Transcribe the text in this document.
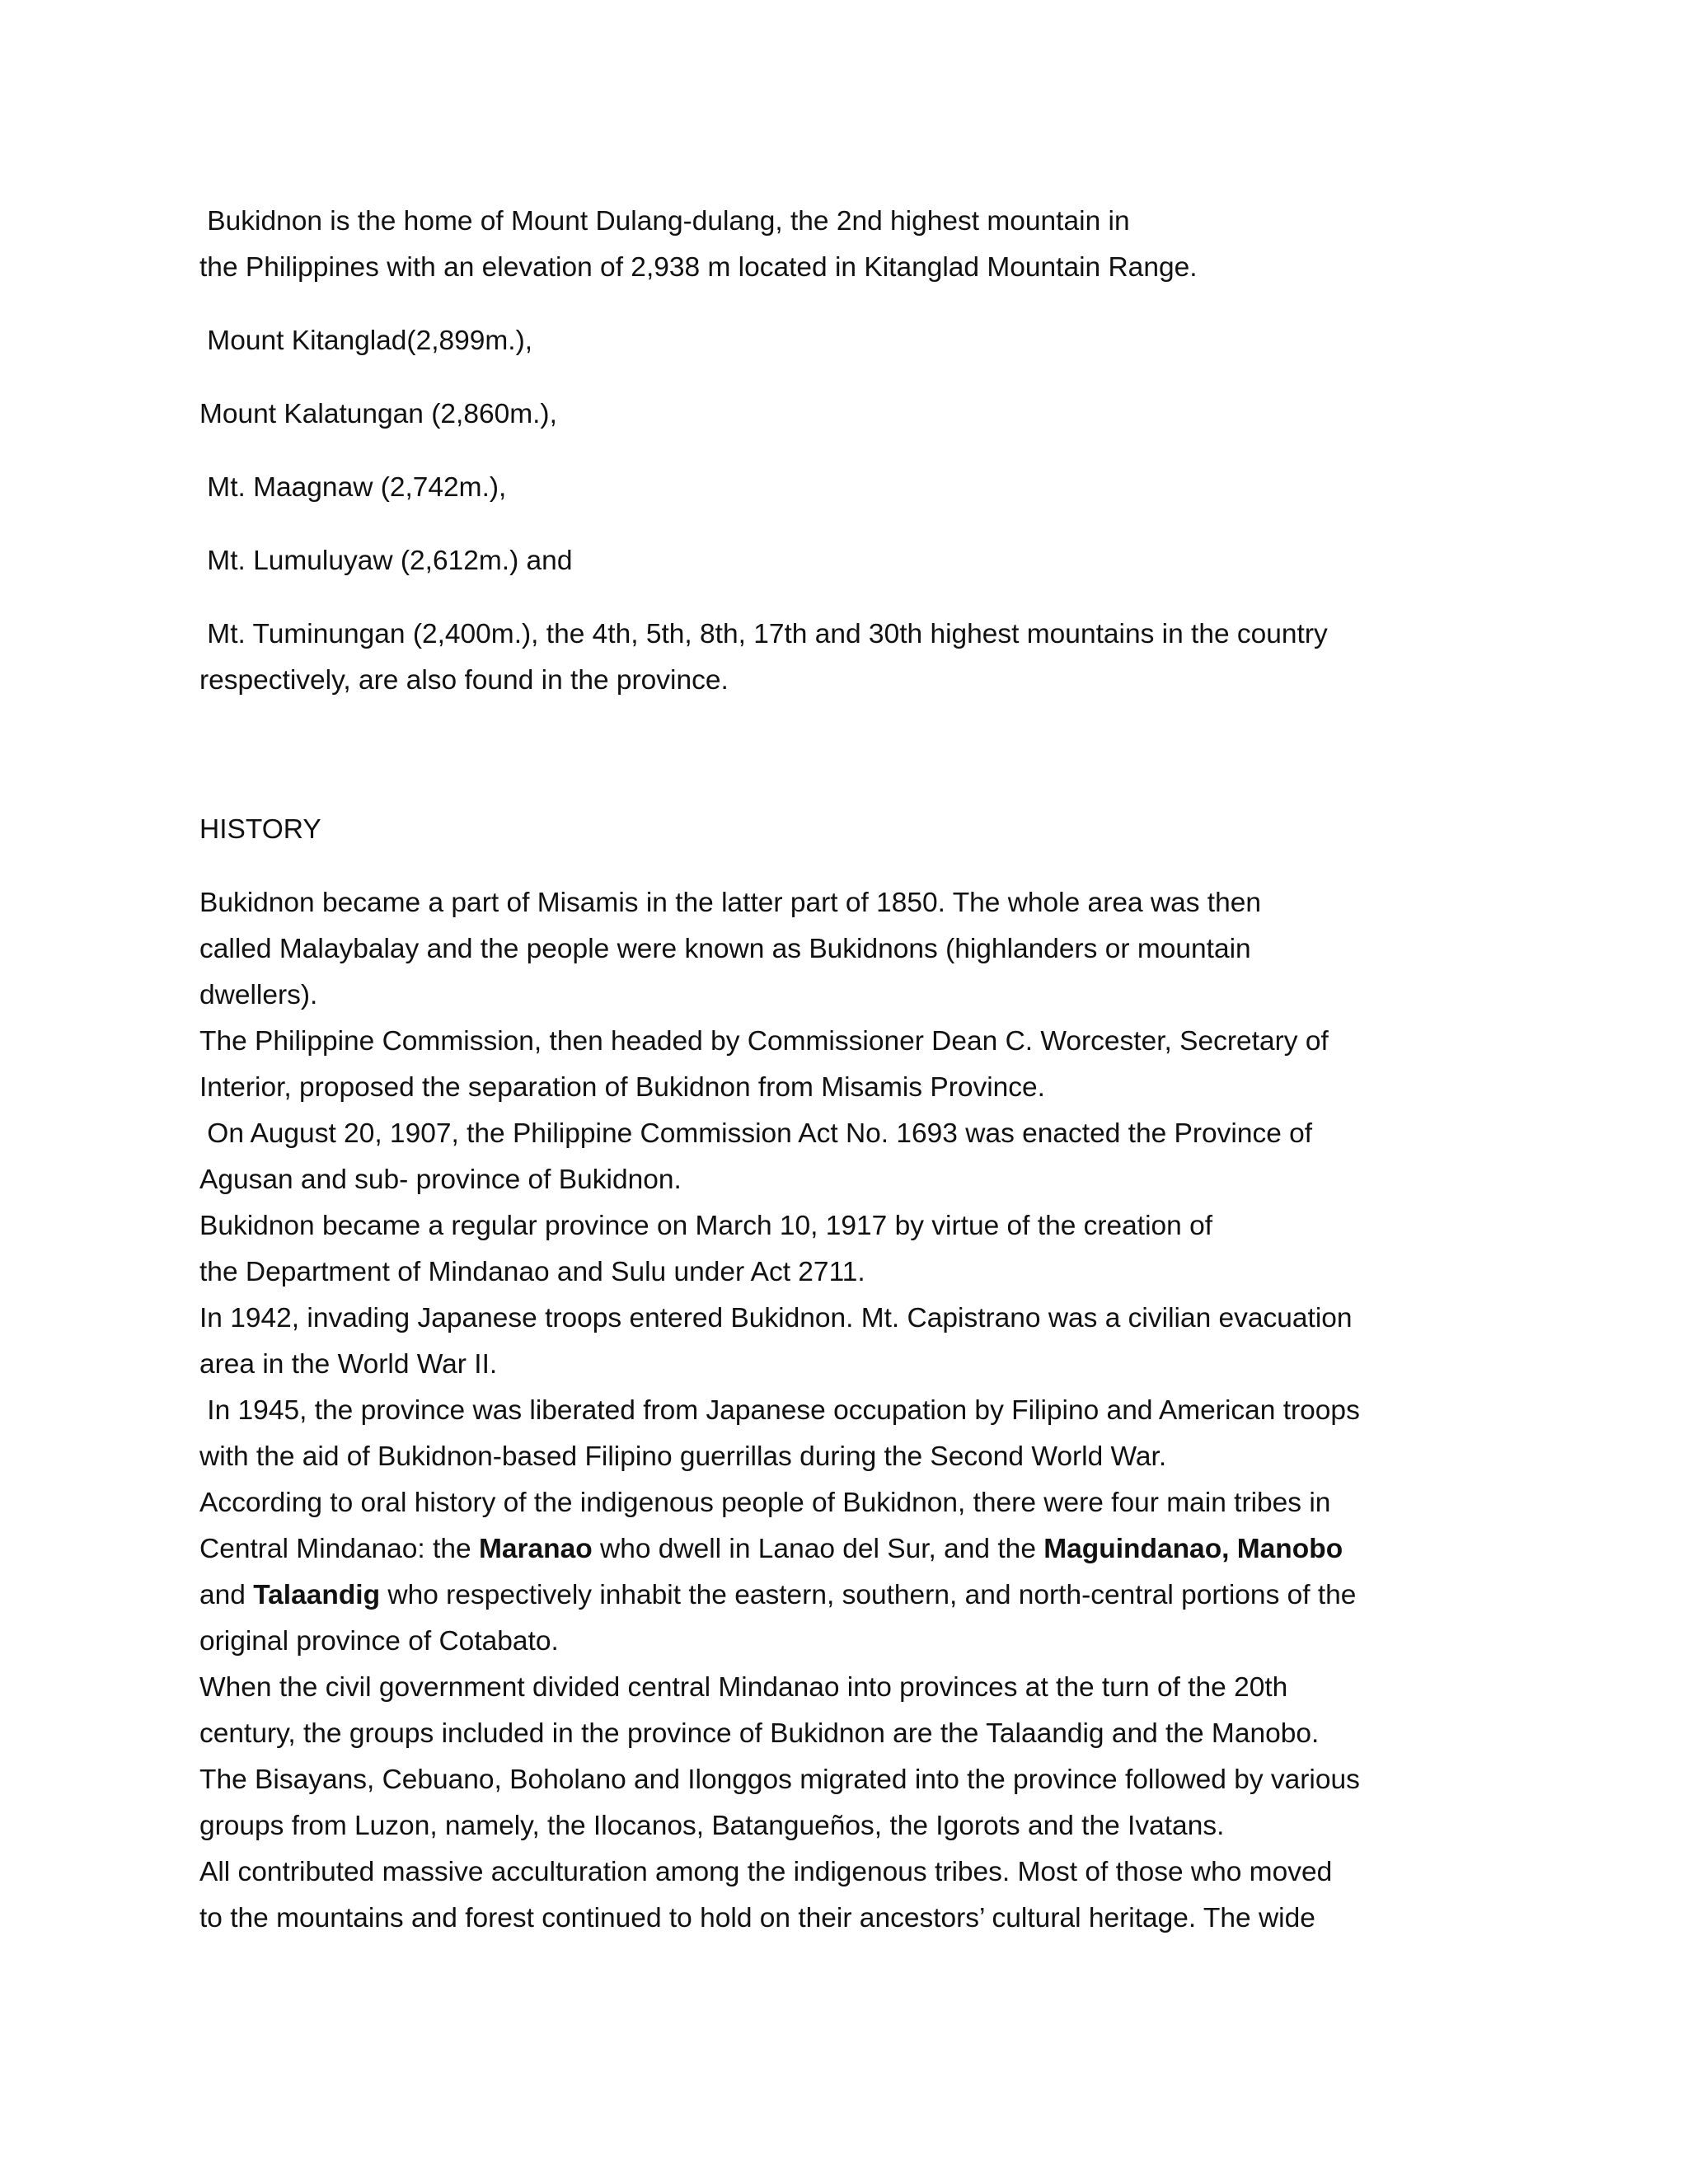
Bukidnon is the home of Mount Dulang-dulang, the 2nd highest mountain in
the Philippines with an elevation of 2,938 m located in Kitanglad Mountain Range.
Mount Kitanglad(2,899m.),
Mount Kalatungan (2,860m.),
Mt. Maagnaw (2,742m.),
Mt. Lumuluyaw (2,612m.) and
Mt. Tuminungan (2,400m.), the 4th, 5th, 8th, 17th and 30th highest mountains in the country
respectively, are also found in the province.
HISTORY
Bukidnon became a part of Misamis in the latter part of 1850. The whole area was then
called Malaybalay and the people were known as Bukidnons (highlanders or mountain
dwellers).
The Philippine Commission, then headed by Commissioner Dean C. Worcester, Secretary of
Interior, proposed the separation of Bukidnon from Misamis Province.
On August 20, 1907, the Philippine Commission Act No. 1693 was enacted the Province of
Agusan and sub- province of Bukidnon.
Bukidnon became a regular province on March 10, 1917 by virtue of the creation of
the Department of Mindanao and Sulu under Act 2711.
In 1942, invading Japanese troops entered Bukidnon. Mt. Capistrano was a civilian evacuation
area in the World War II.
In 1945, the province was liberated from Japanese occupation by Filipino and American troops
with the aid of Bukidnon-based Filipino guerrillas during the Second World War.
According to oral history of the indigenous people of Bukidnon, there were four main tribes in
Central Mindanao: the Maranao who dwell in Lanao del Sur, and the Maguindanao, Manobo
and Talaandig who respectively inhabit the eastern, southern, and north-central portions of the
original province of Cotabato.
When the civil government divided central Mindanao into provinces at the turn of the 20th
century, the groups included in the province of Bukidnon are the Talaandig and the Manobo.
The Bisayans, Cebuano, Boholano and Ilonggos migrated into the province followed by various
groups from Luzon, namely, the Ilocanos, Batangueños, the Igorots and the Ivatans.
All contributed massive acculturation among the indigenous tribes. Most of those who moved
to the mountains and forest continued to hold on their ancestors’ cultural heritage. The wide
